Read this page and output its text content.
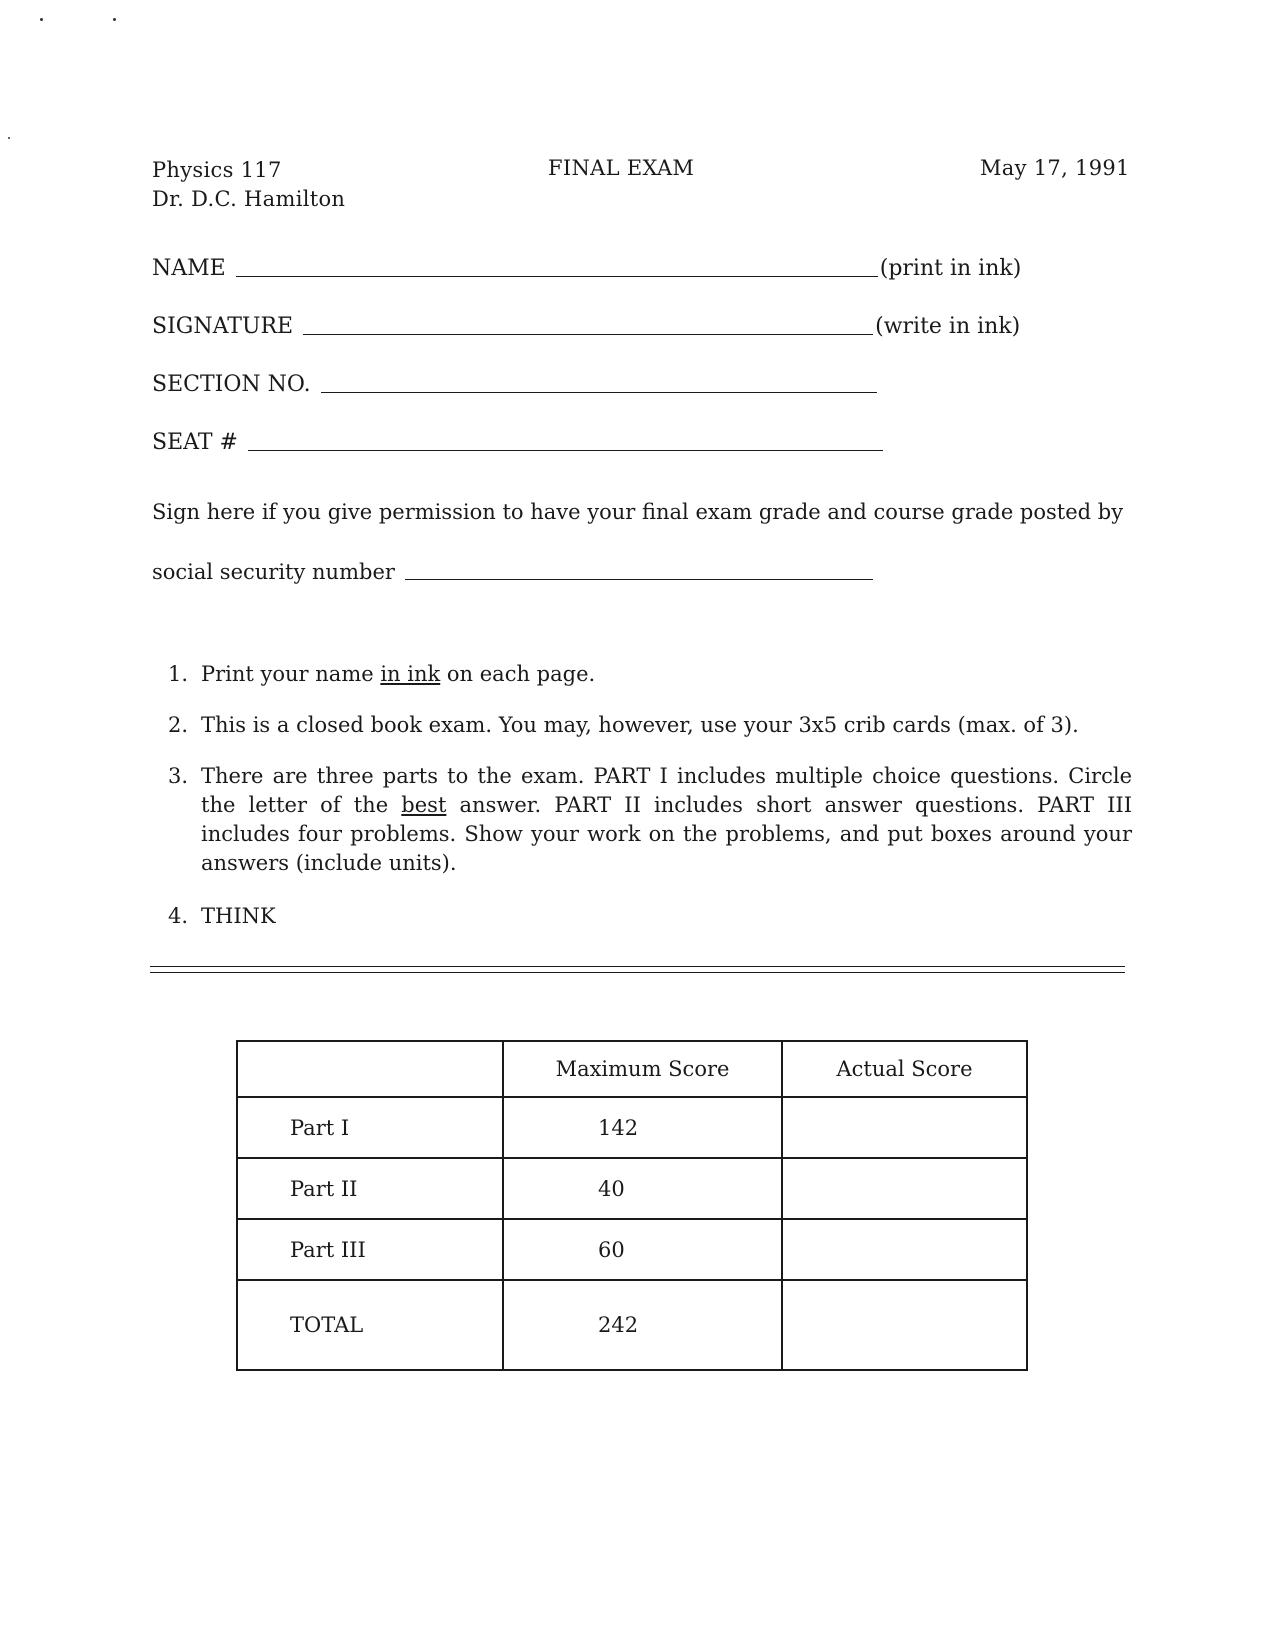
Physics 117
Dr. D.C. Hamilton
FINAL EXAM	May 17, 1991
NAME	(print in ink)
SIGNATURE	(write in ink)
SECTION NO.
SEAT #
Sign here if you give permission to have your final exam grade and course grade posted by
social security number
1. Print your name in ink on each page.
2. This is a closed book exam. You may, however, use your 3x5 crib cards (max. of 3).
3. There are three parts to the exam. PART I includes multiple choice questions. Circle the letter of the best answer. PART II includes short answer questions. PART III includes four problems. Show your work on the problems, and put boxes around your answers (include units).
4. THINK
	Maximum Score	Actual Score
Part I	142	
Part II	40	
Part III	60	
TOTAL	242	
